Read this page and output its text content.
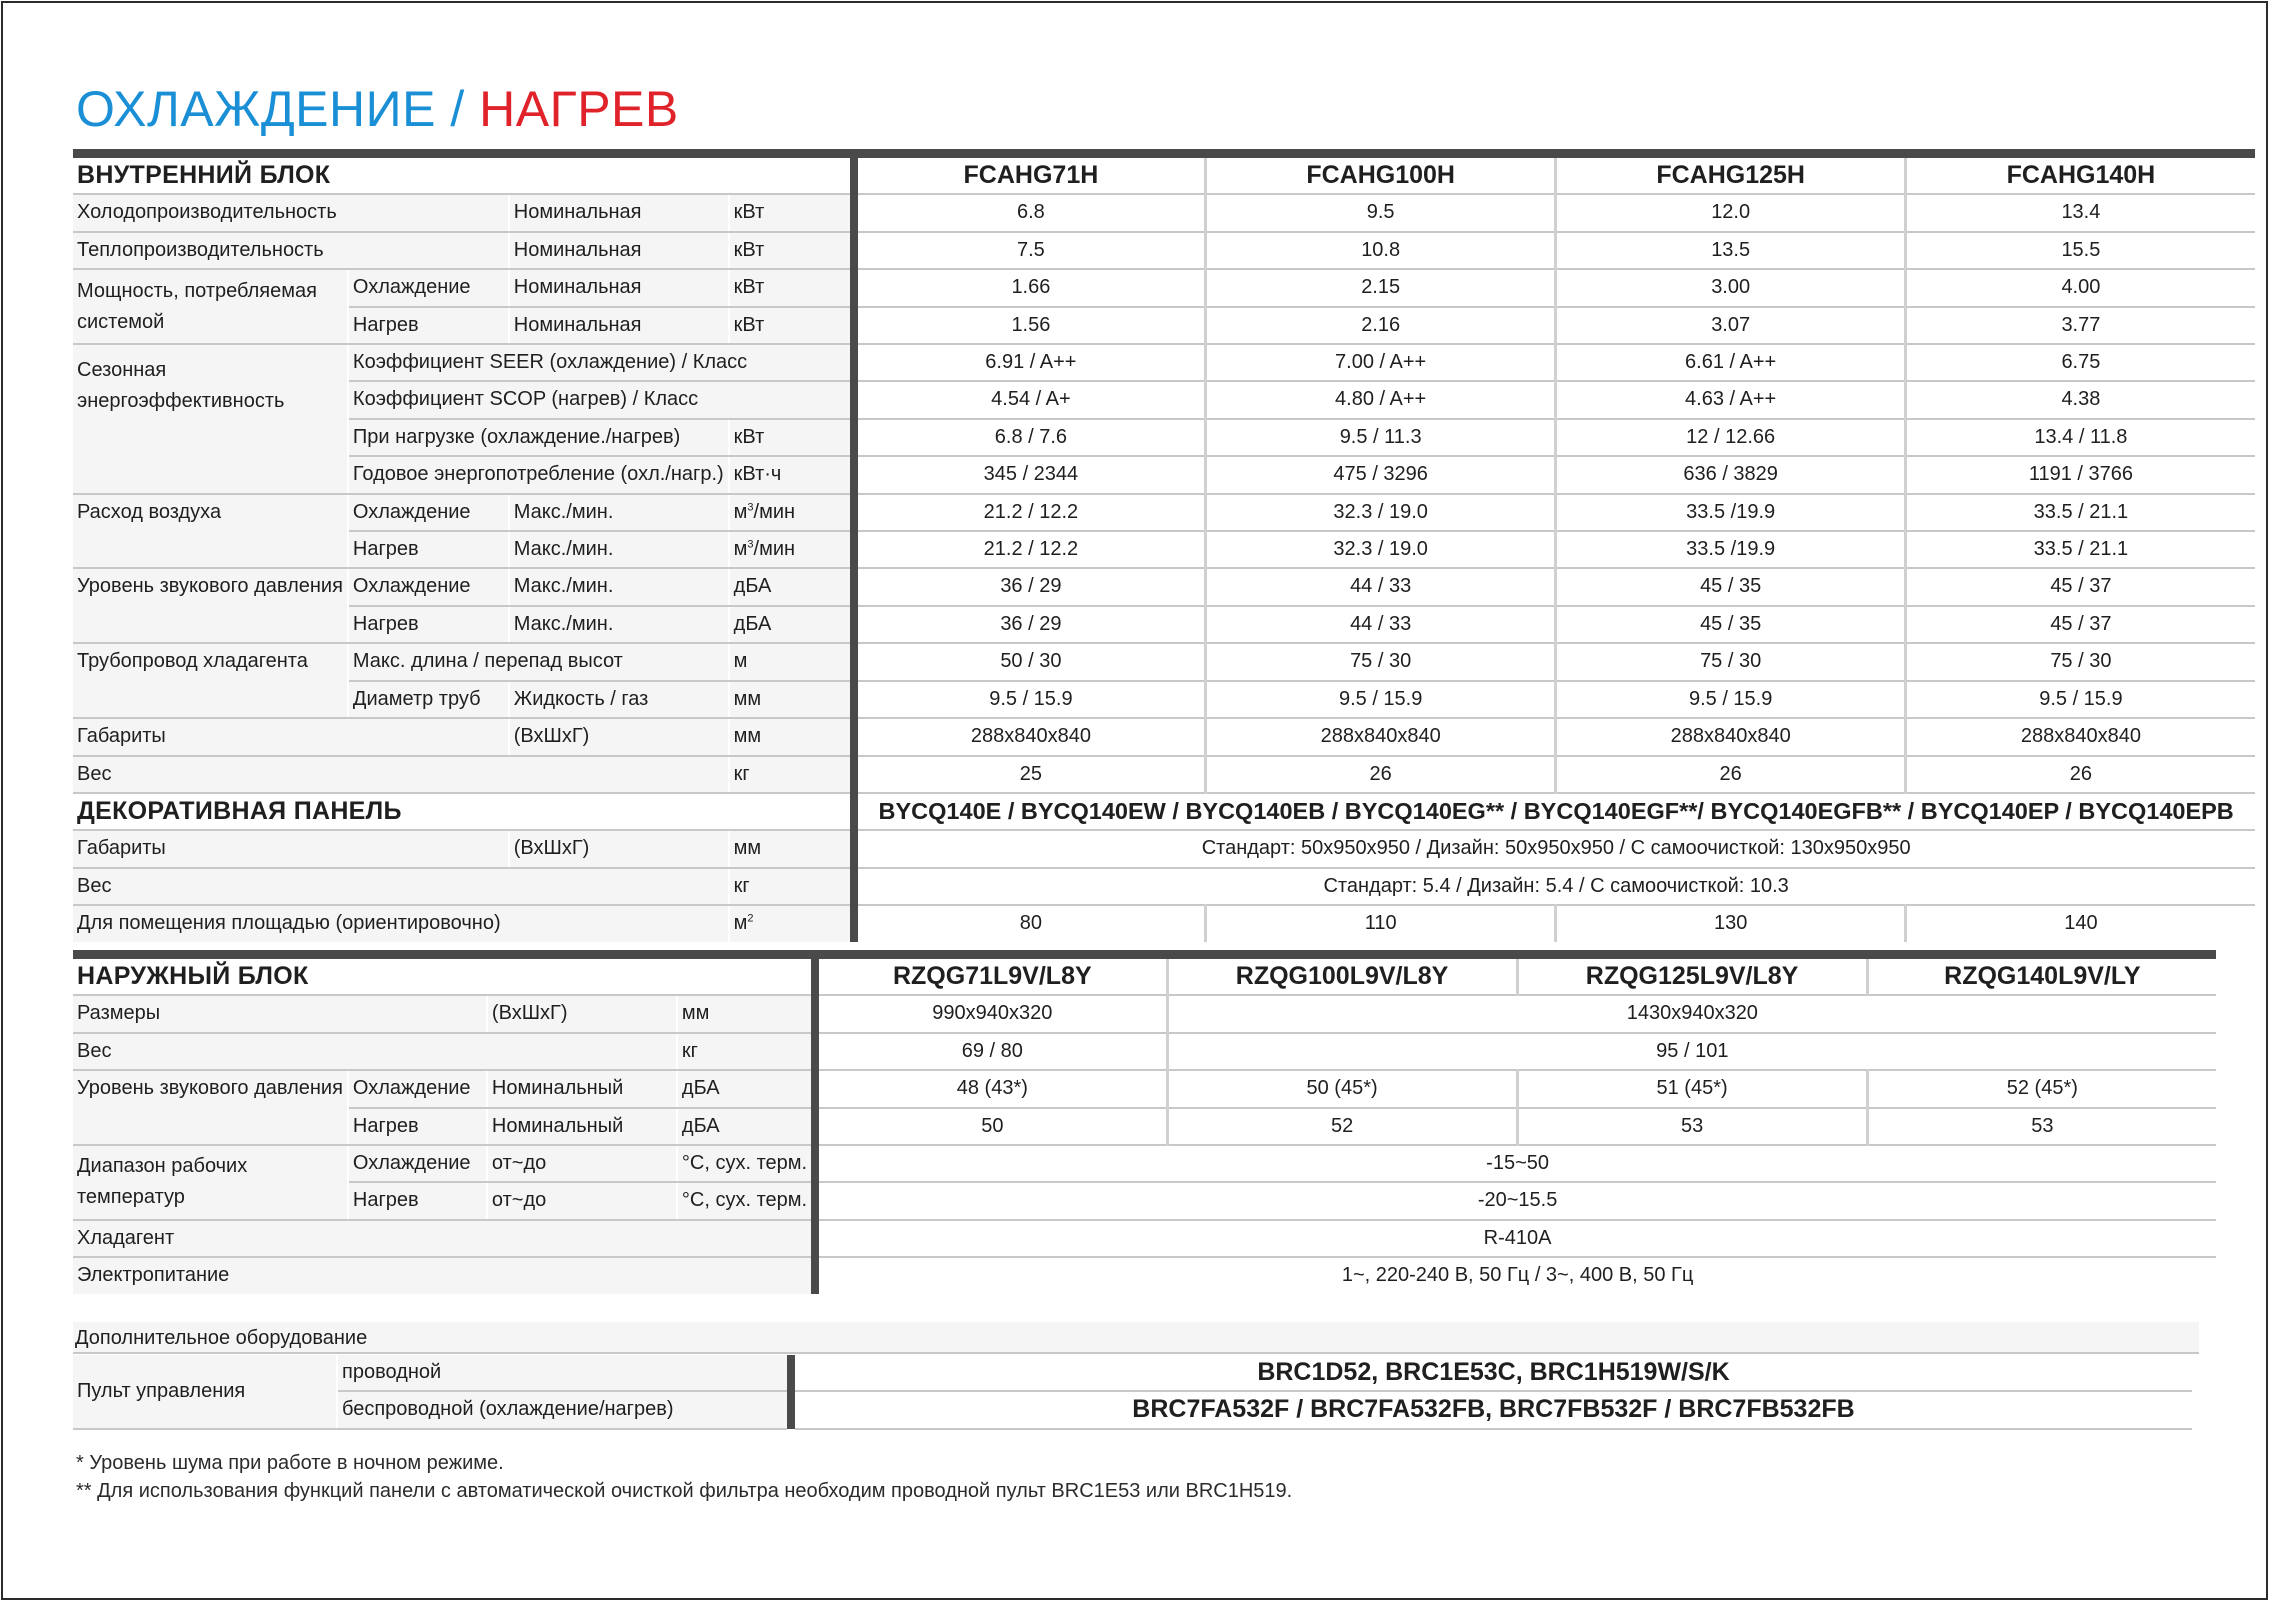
ОХЛАЖДЕНИЕ / НАГРЕВ

ВНУТРЕННИЙ БЛОК					FCAHG71H	FCAHG100H	FCAHG125H	FCAHG140H
Холодопроизводительность		Номинальная	кВт		6.8	9.5	12.0	13.4
Теплопроизводительность		Номинальная	кВт		7.5	10.8	13.5	15.5
Мощность, потребляемая системой	Охлаждение	Номинальная	кВт		1.66	2.15	3.00	4.00
	Нагрев	Номинальная	кВт		1.56	2.16	3.07	3.77
Сезонная энергоэффективность	Коэффициент SEER (охлаждение) / Класс				6.91 / A++	7.00 / A++	6.61 / A++	6.75
	Коэффициент SCOP (нагрев) / Класс				4.54 / A+	4.80 / A++	4.63 / A++	4.38
	При нагрузке (охлаждение./нагрев)		кВт		6.8 / 7.6	9.5 / 11.3	12 / 12.66	13.4 / 11.8
	Годовое энергопотребление (охл./нагр.)		кВт·ч		345 / 2344	475 / 3296	636 / 3829	1191 / 3766
Расход воздуха	Охлаждение	Макс./мин.	$м^3$/мин		21.2 / 12.2	32.3 / 19.0	33.5 /19.9	33.5 / 21.1
	Нагрев	Макс./мин.	$м^3$/мин		21.2 / 12.2	32.3 / 19.0	33.5 /19.9	33.5 / 21.1
Уровень звукового давления	Охлаждение	Макс./мин.	дБА		36 / 29	44 / 33	45 / 35	45 / 37
	Нагрев	Макс./мин.	дБА		36 / 29	44 / 33	45 / 35	45 / 37
Трубопровод хладагента	Макс. длина / перепад высот		м		50 / 30	75 / 30	75 / 30	75 / 30
	Диаметр труб	Жидкость / газ	мм		9.5 / 15.9	9.5 / 15.9	9.5 / 15.9	9.5 / 15.9
Габариты		(ВхШхГ)	мм		288x840x840	288x840x840	288x840x840	288x840x840
Вес			кг		25	26	26	26
ДЕКОРАТИВНАЯ ПАНЕЛЬ					BYCQ140E / BYCQ140EW / BYCQ140EB / BYCQ140EG** / BYCQ140EGF**/ BYCQ140EGFB** / BYCQ140EP / BYCQ140EPB			
Габариты		(ВхШхГ)	мм		Стандарт: 50x950x950 / Дизайн: 50x950x950 / С самоочисткой: 130x950x950			
Вес			кг		Стандарт: 5.4 / Дизайн: 5.4 / С самоочисткой: 10.3			
Для помещения площадью (ориентировочно)			$м^2$		80	110	130	140

НАРУЖНЫЙ БЛОК					RZQG71L9V/L8Y	RZQG100L9V/L8Y	RZQG125L9V/L8Y	RZQG140L9V/LY
Размеры		(ВхШхГ)	мм		990x940x320	1430x940x320		
Вес			кг		69 / 80	95 / 101		
Уровень звукового давления	Охлаждение	Номинальный	дБА		48 (43*)	50 (45*)	51 (45*)	52 (45*)
	Нагрев	Номинальный	дБА		50	52	53	53
Диапазон рабочих температур	Охлаждение	от~до	°C, сух. терм.		-15~50			
	Нагрев	от~до	°C, сух. терм.		-20~15.5			
Хладагент					R-410A			
Электропитание					1~, 220-240 В, 50 Гц / 3~, 400 В, 50 Гц			
Дополнительное оборудование
Пульт управления	проводной		BRC1D52, BRC1E53C, BRC1H519W/S/K
	беспроводной (охлаждение/нагрев)		BRC7FA532F / BRC7FA532FB, BRC7FB532F / BRC7FB532FB
* Уровень шума при работе в ночном режиме.
** Для использования функций панели с автоматической очисткой фильтра необходим проводной пульт BRC1E53 или BRC1H519.
